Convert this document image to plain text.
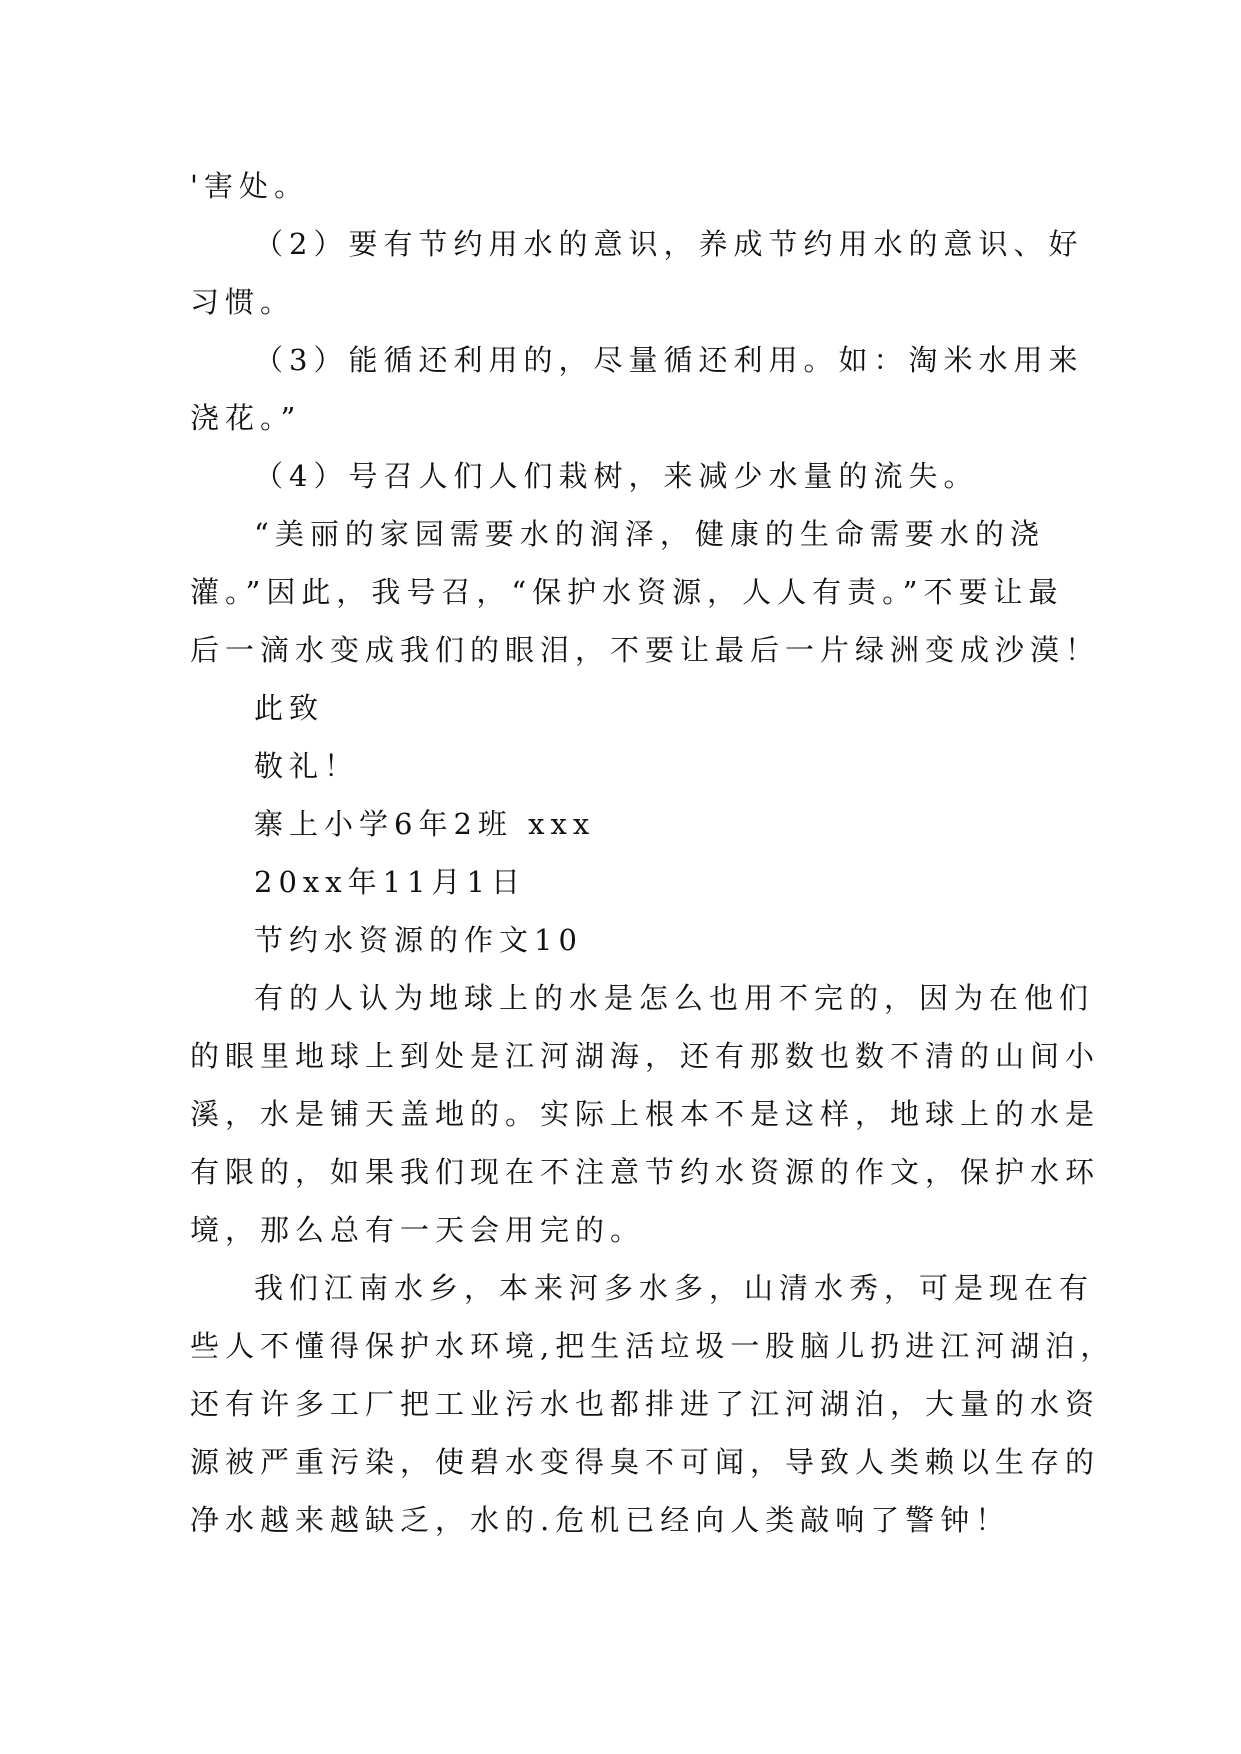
'害处。
（2）要有节约用水的意识，养成节约用水的意识、好
习惯。
（3）能循还利用的，尽量循还利用。如：淘米水用来
浇花。”
（4）号召人们人们栽树，来减少水量的流失。
“美丽的家园需要水的润泽，健康的生命需要水的浇
灌。”因此，我号召，“保护水资源，人人有责。”不要让最
后一滴水变成我们的眼泪，不要让最后一片绿洲变成沙漠！
此致
敬礼！
寨上小学6年2班 xxx
20xx年11月1日
节约水资源的作文10
有的人认为地球上的水是怎么也用不完的，因为在他们
的眼里地球上到处是江河湖海，还有那数也数不清的山间小
溪，水是铺天盖地的。实际上根本不是这样，地球上的水是
有限的，如果我们现在不注意节约水资源的作文，保护水环
境，那么总有一天会用完的。
我们江南水乡，本来河多水多，山清水秀，可是现在有
些人不懂得保护水环境,把生活垃圾一股脑儿扔进江河湖泊，
还有许多工厂把工业污水也都排进了江河湖泊，大量的水资
源被严重污染，使碧水变得臭不可闻，导致人类赖以生存的
净水越来越缺乏，水的.危机已经向人类敲响了警钟！
